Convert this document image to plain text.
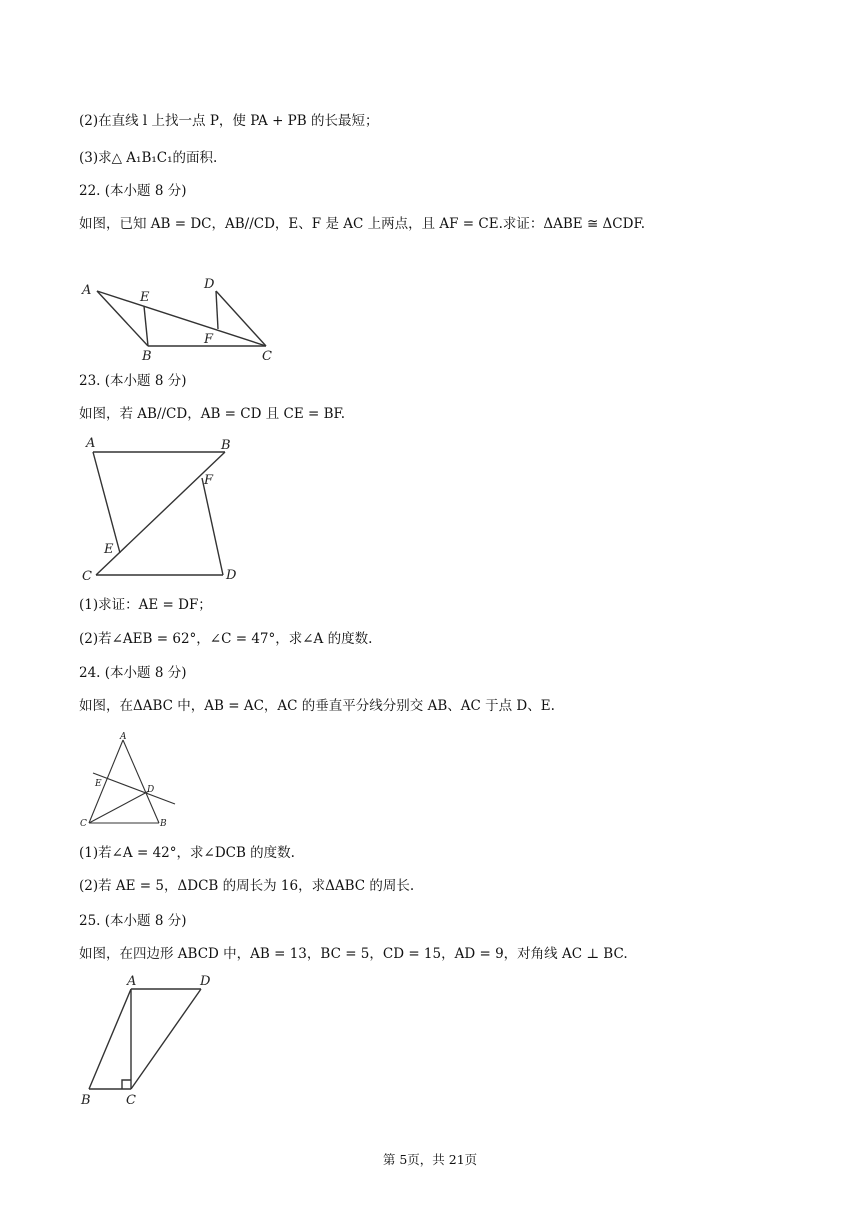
(2)在直线 l 上找一点 P，使 PA + PB 的长最短；
(3)求△ A₁B₁C₁的面积.
22. (本小题 8 分)
如图，已知 AB = DC，AB//CD，E、F 是 AC 上两点，且 AF = CE.求证：ΔABE ≅ ΔCDF.
A	E
D
F
B	C
23. (本小题 8 分)
如图，若 AB//CD，AB = CD 且 CE = BF.
A	B
F
E
C	D
(1)求证：AE = DF；
(2)若∠AEB = 62°，∠C = 47°，求∠A 的度数.
24. (本小题 8 分)
如图，在ΔABC 中，AB = AC，AC 的垂直平分线分别交 AB、AC 于点 D、E.
A
E
D
C	B
(1)若∠A = 42°，求∠DCB 的度数.
(2)若 AE = 5，ΔDCB 的周长为 16，求ΔABC 的周长.
25. (本小题 8 分)
如图，在四边形 ABCD 中，AB = 13，BC = 5，CD = 15，AD = 9，对角线 AC ⊥ BC.
A	D
B	C
第 5页，共 21页
